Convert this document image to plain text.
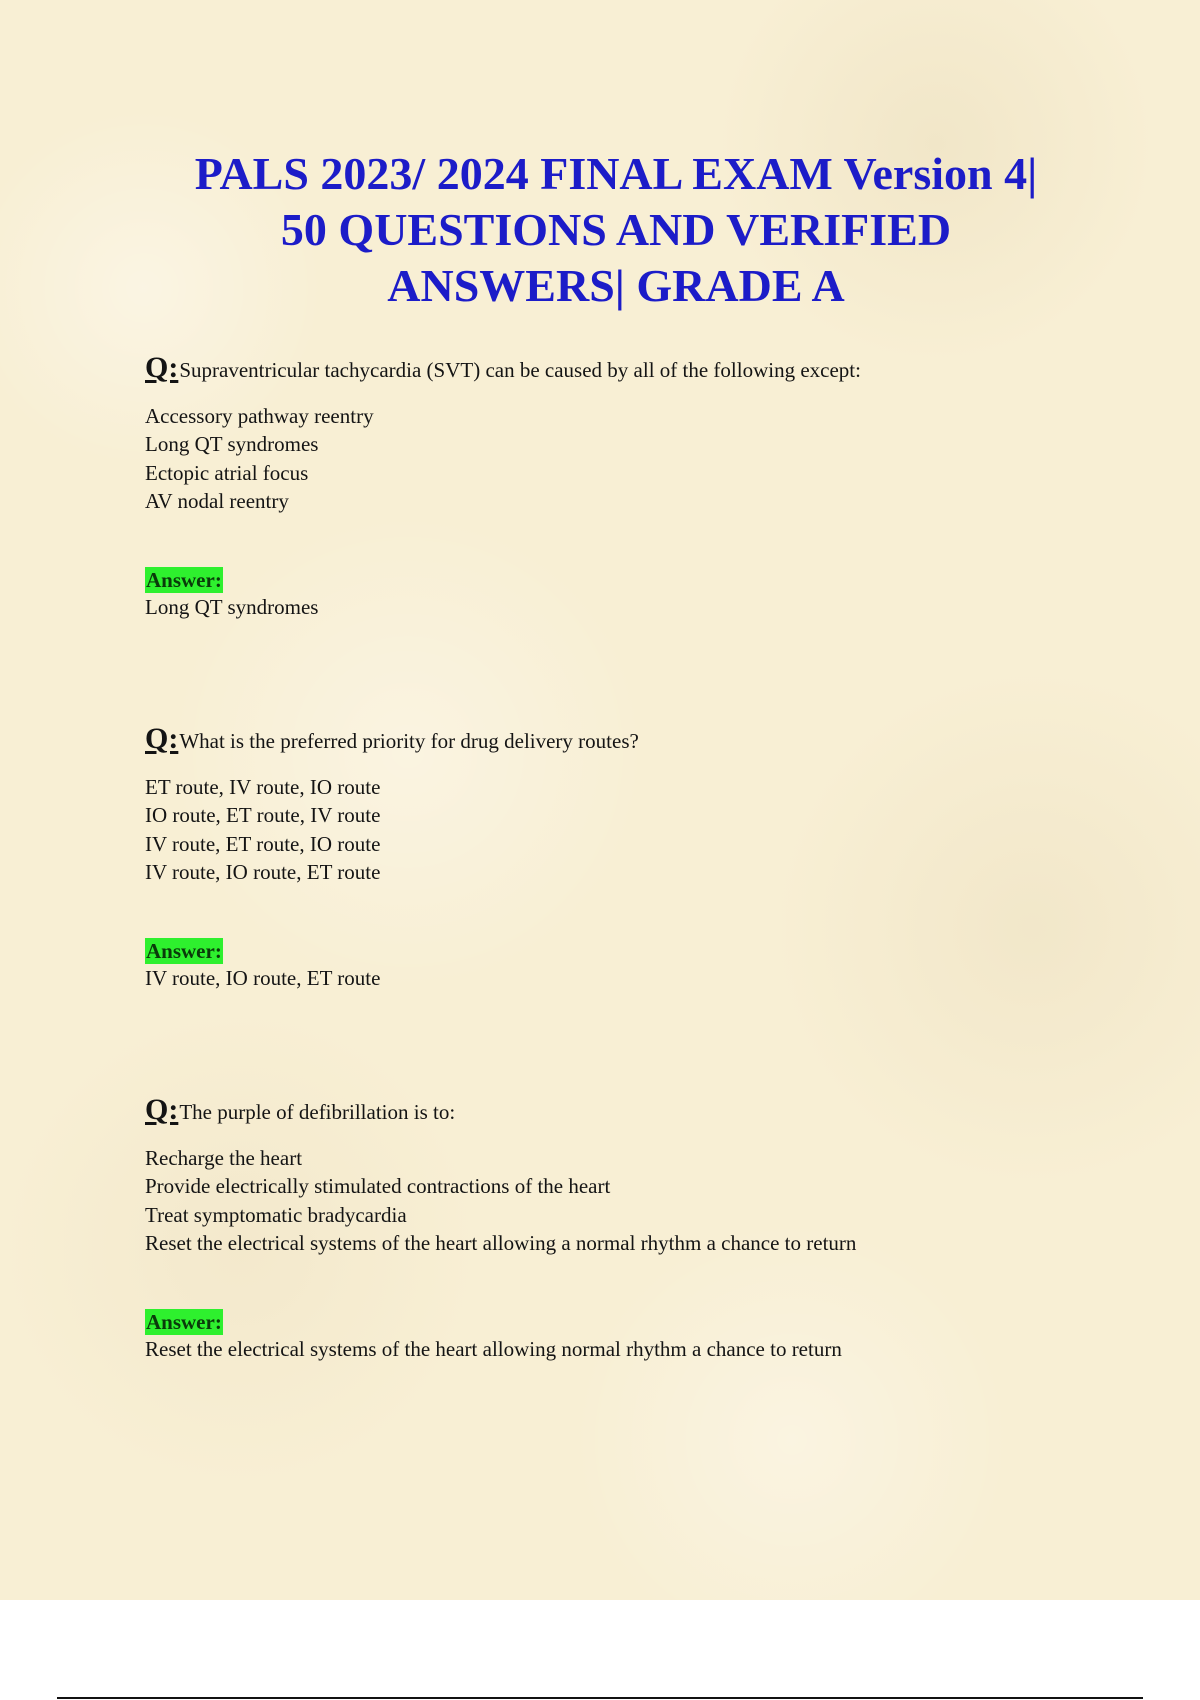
PALS 2023/ 2024 FINAL EXAM Version 4|
50 QUESTIONS AND VERIFIED
ANSWERS| GRADE A
Q:Supraventricular tachycardia (SVT) can be caused by all of the following except:
Accessory pathway reentry
Long QT syndromes
Ectopic atrial focus
AV nodal reentry
Answer:
Long QT syndromes
Q:What is the preferred priority for drug delivery routes?
ET route, IV route, IO route
IO route, ET route, IV route
IV route, ET route, IO route
IV route, IO route, ET route
Answer:
IV route, IO route, ET route
Q:The purple of defibrillation is to:
Recharge the heart
Provide electrically stimulated contractions of the heart
Treat symptomatic bradycardia
Reset the electrical systems of the heart allowing a normal rhythm a chance to return
Answer:
Reset the electrical systems of the heart allowing normal rhythm a chance to return
